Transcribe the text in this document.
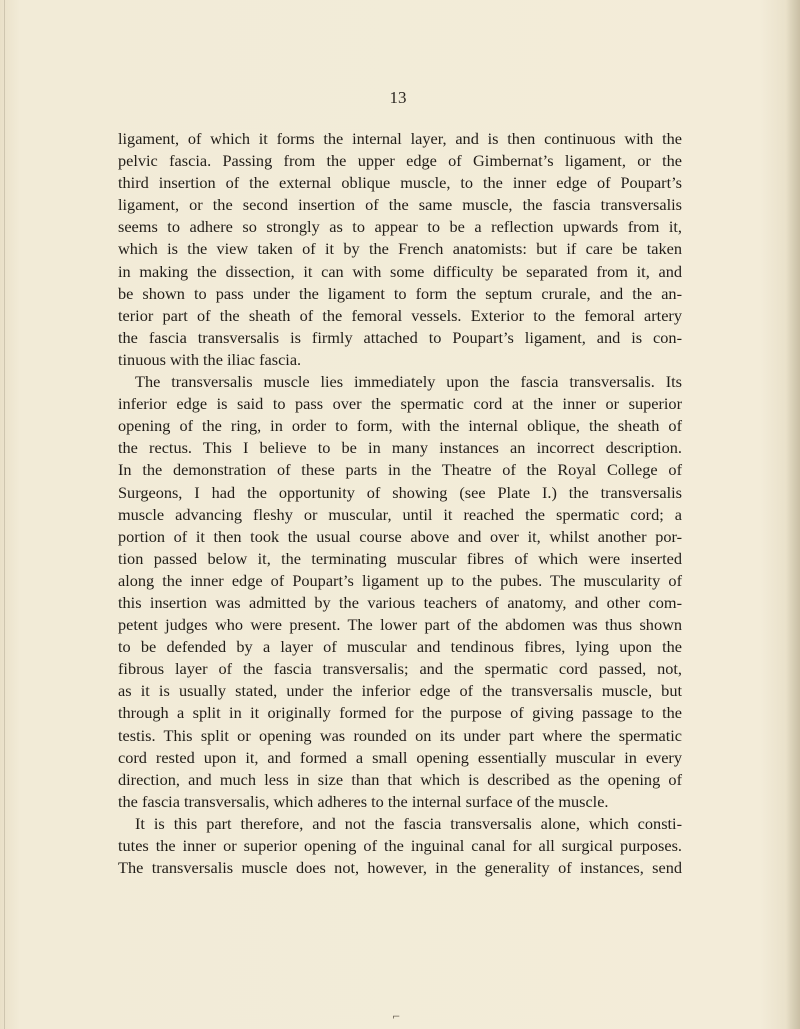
13

ligament, of which it forms the internal layer, and is then continuous with the

pelvic fascia. Passing from the upper edge of Gimbernat’s ligament, or the

third insertion of the external oblique muscle, to the inner edge of Poupart’s

ligament, or the second insertion of the same muscle, the fascia transversalis

seems to adhere so strongly as to appear to be a reflection upwards from it,

which is the view taken of it by the French anatomists: but if care be taken

in making the dissection, it can with some difficulty be separated from it, and

be shown to pass under the ligament to form the septum crurale, and the an-

terior part of the sheath of the femoral vessels. Exterior to the femoral artery

the fascia transversalis is firmly attached to Poupart’s ligament, and is con-

tinuous with the iliac fascia.

The transversalis muscle lies immediately upon the fascia transversalis. Its

inferior edge is said to pass over the spermatic cord at the inner or superior

opening of the ring, in order to form, with the internal oblique, the sheath of

the rectus. This I believe to be in many instances an incorrect description.

In the demonstration of these parts in the Theatre of the Royal College of

Surgeons, I had the opportunity of showing (see Plate I.) the transversalis

muscle advancing fleshy or muscular, until it reached the spermatic cord; a

portion of it then took the usual course above and over it, whilst another por-

tion passed below it, the terminating muscular fibres of which were inserted

along the inner edge of Poupart’s ligament up to the pubes. The muscularity of

this insertion was admitted by the various teachers of anatomy, and other com-

petent judges who were present. The lower part of the abdomen was thus shown

to be defended by a layer of muscular and tendinous fibres, lying upon the

fibrous layer of the fascia transversalis; and the spermatic cord passed, not,

as it is usually stated, under the inferior edge of the transversalis muscle, but

through a split in it originally formed for the purpose of giving passage to the

testis. This split or opening was rounded on its under part where the spermatic

cord rested upon it, and formed a small opening essentially muscular in every

direction, and much less in size than that which is described as the opening of

the fascia transversalis, which adheres to the internal surface of the muscle.

It is this part therefore, and not the fascia transversalis alone, which consti-

tutes the inner or superior opening of the inguinal canal for all surgical purposes.

The transversalis muscle does not, however, in the generality of instances, send

⌐
